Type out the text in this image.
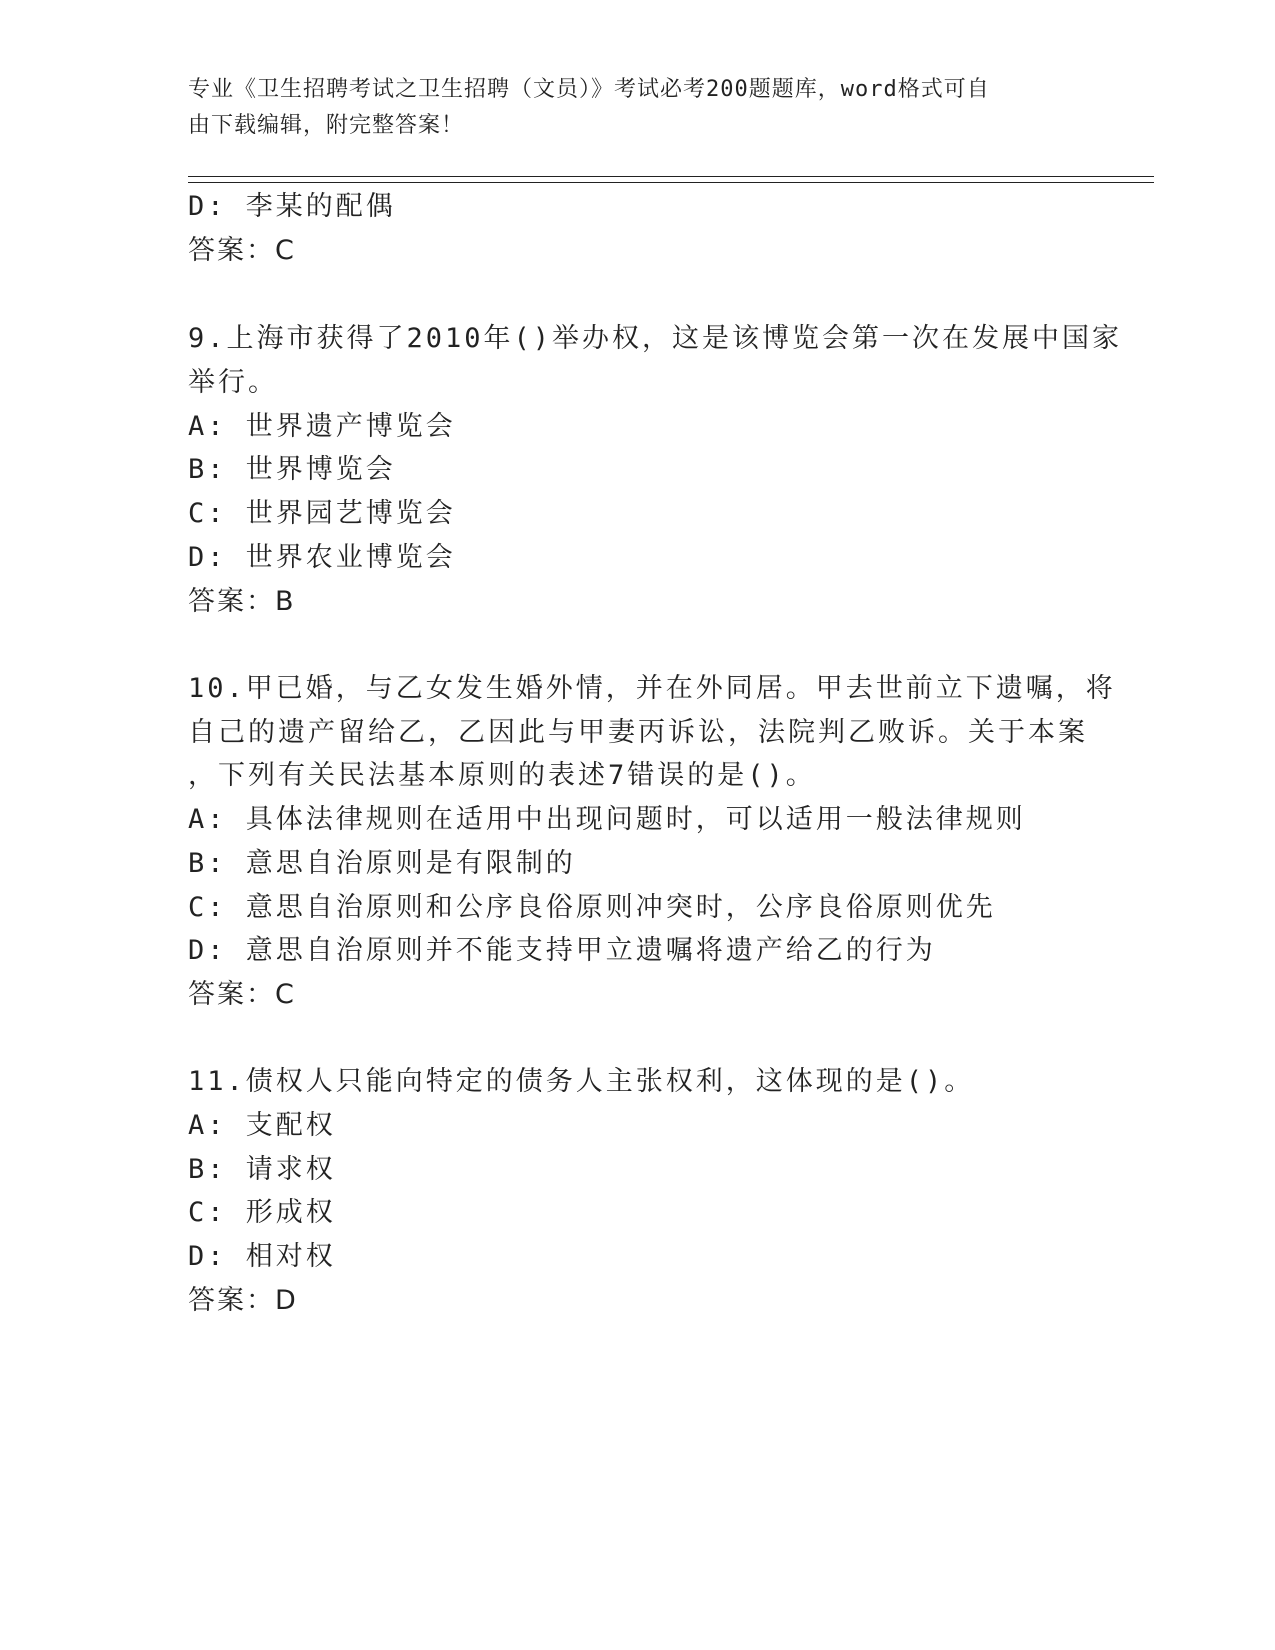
专业《卫生招聘考试之卫生招聘（文员）》考试必考200题题库，word格式可自
由下载编辑，附完整答案！
D: 李某的配偶
答案：C
9.上海市获得了2010年()举办权，这是该博览会第一次在发展中国家
举行。
A: 世界遗产博览会
B: 世界博览会
C: 世界园艺博览会
D: 世界农业博览会
答案：B
10.甲已婚，与乙女发生婚外情，并在外同居。甲去世前立下遗嘱，将
自己的遗产留给乙，乙因此与甲妻丙诉讼，法院判乙败诉。关于本案
，下列有关民法基本原则的表述7错误的是()。
A: 具体法律规则在适用中出现问题时，可以适用一般法律规则
B: 意思自治原则是有限制的
C: 意思自治原则和公序良俗原则冲突时，公序良俗原则优先
D: 意思自治原则并不能支持甲立遗嘱将遗产给乙的行为
答案：C
11.债权人只能向特定的债务人主张权利，这体现的是()。
A: 支配权
B: 请求权
C: 形成权
D: 相对权
答案：D
